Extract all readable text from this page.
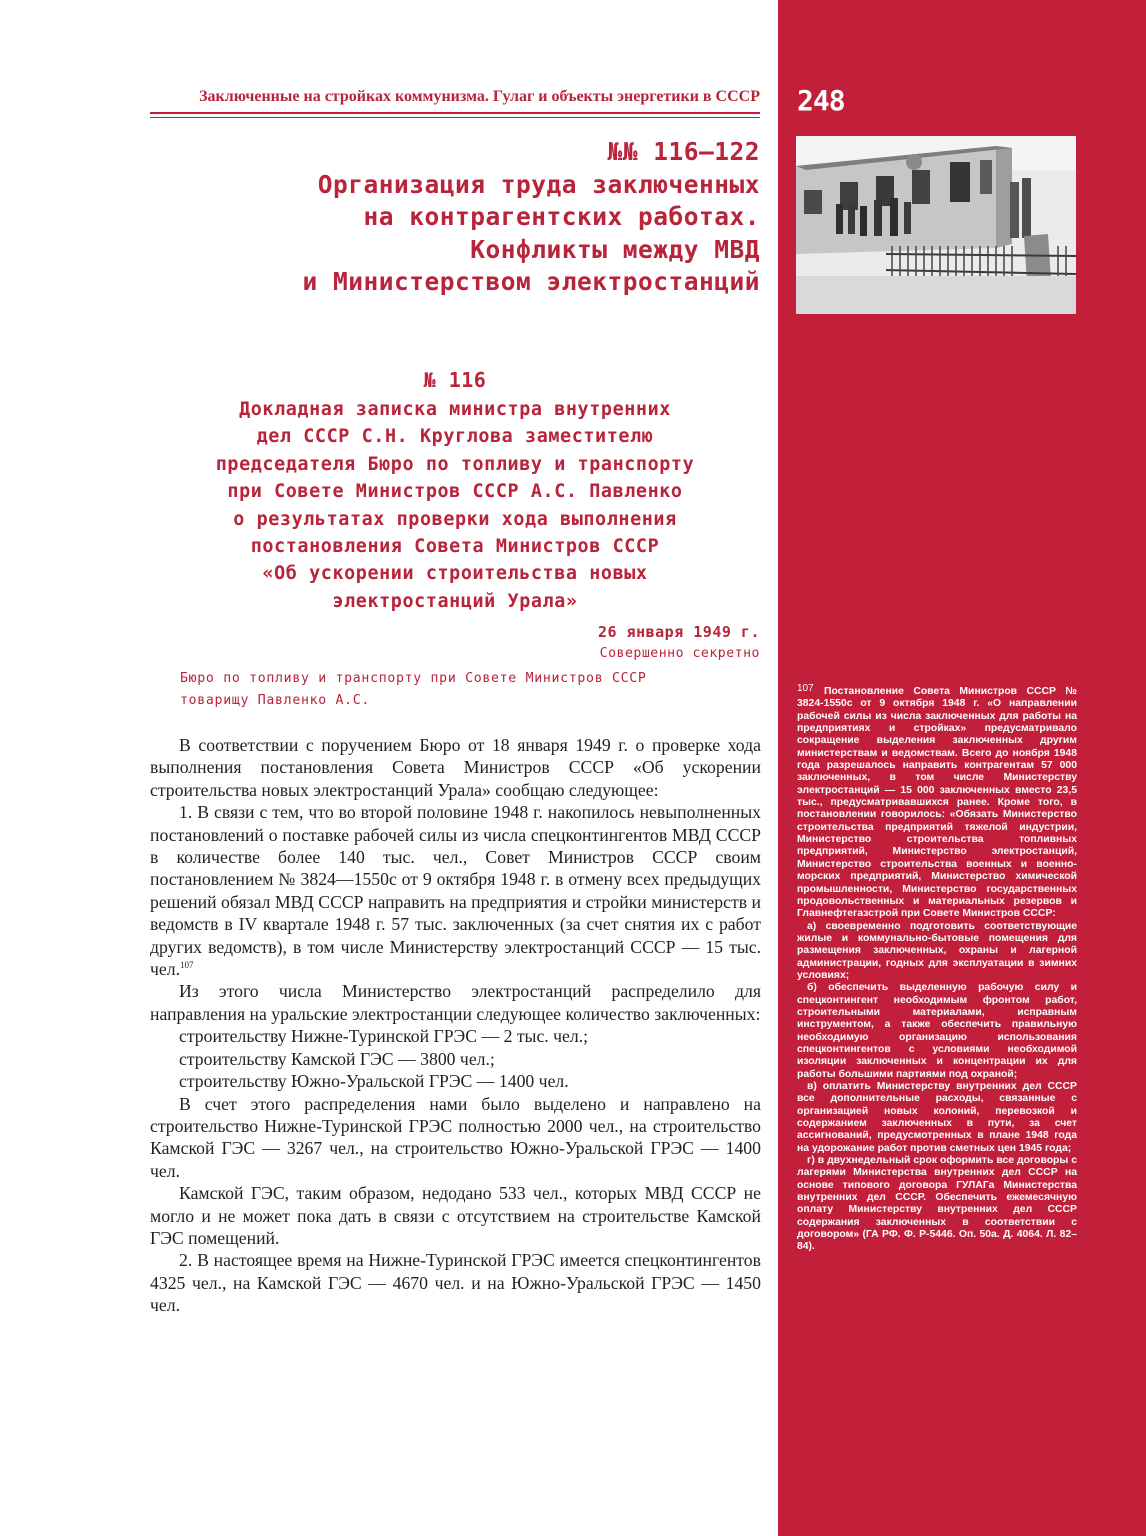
248

107 Постановление Совета Министров СССР № 3824-1550с от 9 октября 1948 г. «О направлении рабочей силы из числа заключенных для работы на предприятиях и стройках» предусматривало сокращение выделения заключенных другим министерствам и ведомствам. Всего до ноября 1948 года разрешалось направить контрагентам 57 000 заключенных, в том числе Министерству электростанций — 15 000 заключенных вместо 23,5 тыс., предусматривавшихся ранее. Кроме того, в постановлении говорилось: «Обязать Министерство строительства предприятий тяжелой индустрии, Министерство строительства топливных предприятий, Министерство электростанций, Министерство строительства военных и военно-морских предприятий, Министерство химической промышленности, Министерство государственных продовольственных и материальных резервов и Главнефтегазстрой при Совете Министров СССР:

а) своевременно подготовить соответствующие жилые и коммунально-бытовые помещения для размещения заключенных, охраны и лагерной администрации, годных для эксплуатации в зимних условиях;

б) обеспечить выделенную рабочую силу и спецконтингент необходимым фронтом работ, строительными материалами, исправным инструментом, а также обеспечить правильную необходимую организацию использования спецконтингентов с условиями необходимой изоляции заключенных и концентрации их для работы большими партиями под охраной;

в) оплатить Министерству внутренних дел СССР все дополнительные расходы, связанные с организацией новых колоний, перевозкой и содержанием заключенных в пути, за счет ассигнований, предусмотренных в плане 1948 года на удорожание работ против сметных цен 1945 года;

г) в двухнедельный срок оформить все договоры с лагерями Министерства внутренних дел СССР на основе типового договора ГУЛАГа Министерства внутренних дел СССР. Обеспечить ежемесячную оплату Министерству внутренних дел СССР содержания заключенных в соответствии с договором» (ГА РФ. Ф. Р-5446. Оп. 50а. Д. 4064. Л. 82–84).

Заключенные на стройках коммунизма. Гулаг и объекты энергетики в СССР
№№ 116–122
Организация труда заключенных
на контрагентских работах.
Конфликты между МВД
и Министерством электростанций
№ 116
Докладная записка министра внутренних
дел СССР С.Н. Круглова заместителю
председателя Бюро по топливу и транспорту
при Совете Министров СССР А.С. Павленко
о результатах проверки хода выполнения
постановления Совета Министров СССР
«Об ускорении строительства новых
электростанций Урала»
26 января 1949 г.
Совершенно секретно
Бюро по топливу и транспорту при Совете Министров СССР
товарищу Павленко А.С.

В соответствии с поручением Бюро от 18 января 1949 г. о проверке хода выполнения постановления Совета Министров СССР «Об ускорении строительства новых электростанций Урала» сообщаю следующее:

1. В связи с тем, что во второй половине 1948 г. накопилось невыполненных постановлений о поставке рабочей силы из числа спецконтингентов МВД СССР в количестве более 140 тыс. чел., Совет Министров СССР своим постановлением № 3824—1550с от 9 октября 1948 г. в отмену всех предыдущих решений обязал МВД СССР направить на предприятия и стройки министерств и ведомств в IV квартале 1948 г. 57 тыс. заключенных (за счет снятия их с работ других ведомств), в том числе Министерству электростанций СССР — 15 тыс. чел.$^{107}$

Из этого числа Министерство электростанций распределило для направления на уральские электростанции следующее количество заключенных:

строительству Нижне-Туринской ГРЭС — 2 тыс. чел.;

строительству Камской ГЭС — 3800 чел.;

строительству Южно-Уральской ГРЭС — 1400 чел.

В счет этого распределения нами было выделено и направлено на строительство Нижне-Туринской ГРЭС полностью 2000 чел., на строительство Камской ГЭС — 3267 чел., на строительство Южно-Уральской ГРЭС — 1400 чел.

Камской ГЭС, таким образом, недодано 533 чел., которых МВД СССР не могло и не может пока дать в связи с отсутствием на строительстве Камской ГЭС помещений.

2. В настоящее время на Нижне-Туринской ГРЭС имеется спецконтингентов 4325 чел., на Камской ГЭС — 4670 чел. и на Южно-Уральской ГРЭС — 1450 чел.
